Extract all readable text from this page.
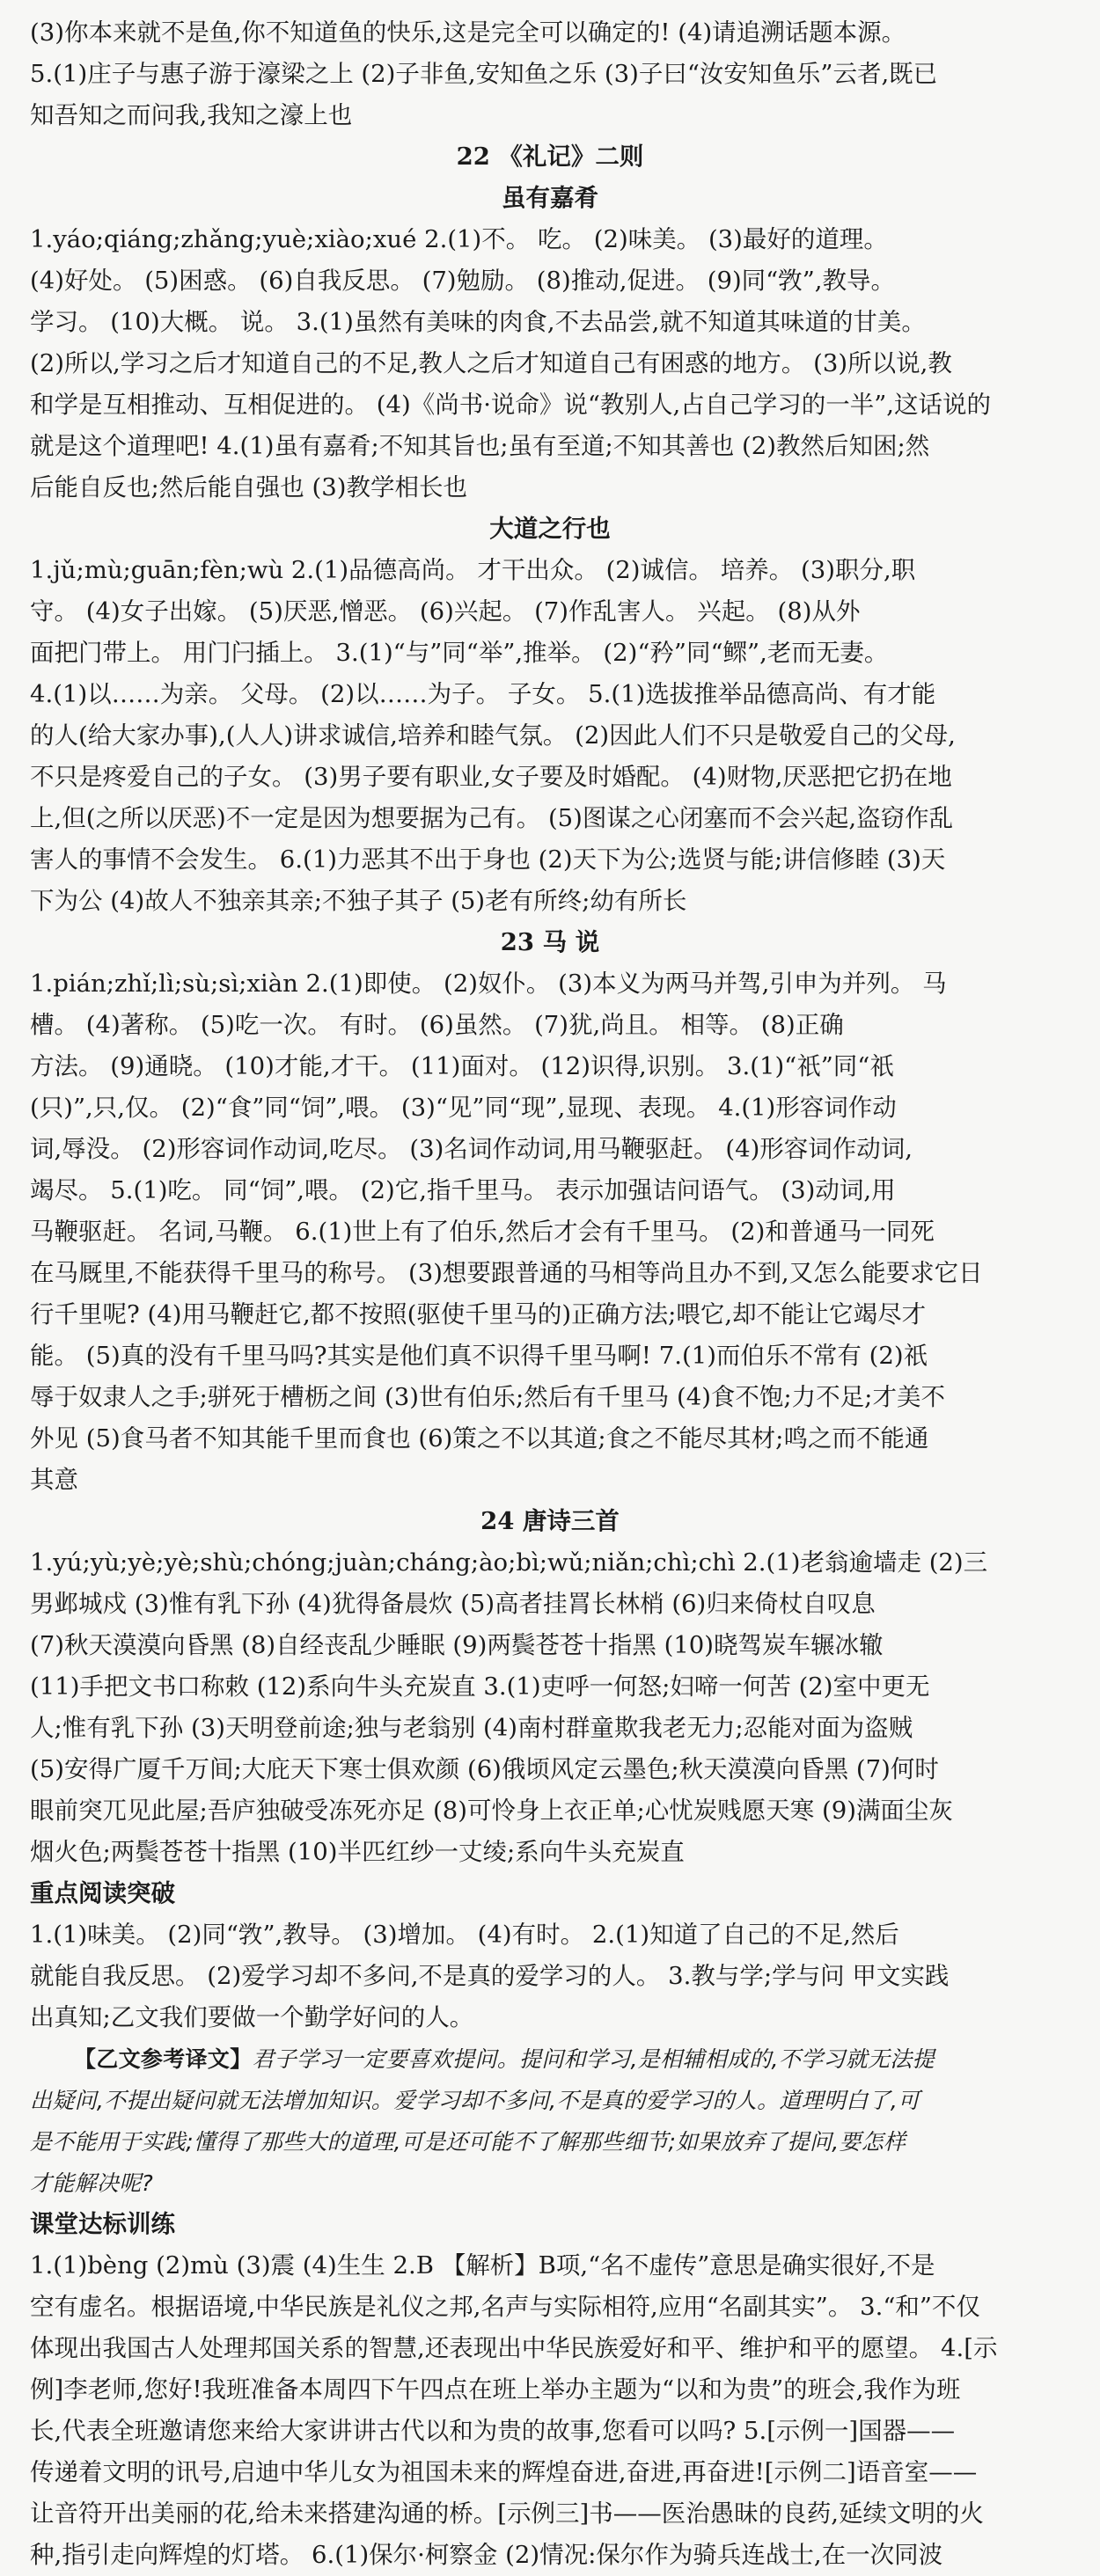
(3)你本来就不是鱼,你不知道鱼的快乐,这是完全可以确定的! (4)请追溯话题本源。

5.(1)庄子与惠子游于濠梁之上 (2)子非鱼,安知鱼之乐 (3)子曰“汝安知鱼乐”云者,既已

知吾知之而问我,我知之濠上也

22 《礼记》二则

虽有嘉肴

1.yáo;qiáng;zhǎng;yuè;xiào;xué 2.(1)不。 吃。 (2)味美。 (3)最好的道理。

(4)好处。 (5)困惑。 (6)自我反思。 (7)勉励。 (8)推动,促进。 (9)同“敩”,教导。

学习。 (10)大概。 说。 3.(1)虽然有美味的肉食,不去品尝,就不知道其味道的甘美。

(2)所以,学习之后才知道自己的不足,教人之后才知道自己有困惑的地方。 (3)所以说,教

和学是互相推动、互相促进的。 (4)《尚书·说命》说“教别人,占自己学习的一半”,这话说的

就是这个道理吧! 4.(1)虽有嘉肴;不知其旨也;虽有至道;不知其善也 (2)教然后知困;然

后能自反也;然后能自强也 (3)教学相长也

大道之行也

1.jǔ;mù;guān;fèn;wù 2.(1)品德高尚。 才干出众。 (2)诚信。 培养。 (3)职分,职

守。 (4)女子出嫁。 (5)厌恶,憎恶。 (6)兴起。 (7)作乱害人。 兴起。 (8)从外

面把门带上。 用门闩插上。 3.(1)“与”同“举”,推举。 (2)“矜”同“鳏”,老而无妻。

4.(1)以……为亲。 父母。 (2)以……为子。 子女。 5.(1)选拔推举品德高尚、有才能

的人(给大家办事),(人人)讲求诚信,培养和睦气氛。 (2)因此人们不只是敬爱自己的父母,

不只是疼爱自己的子女。 (3)男子要有职业,女子要及时婚配。 (4)财物,厌恶把它扔在地

上,但(之所以厌恶)不一定是因为想要据为己有。 (5)图谋之心闭塞而不会兴起,盗窃作乱

害人的事情不会发生。 6.(1)力恶其不出于身也 (2)天下为公;选贤与能;讲信修睦 (3)天

下为公 (4)故人不独亲其亲;不独子其子 (5)老有所终;幼有所长

23 马 说

1.pián;zhǐ;lì;sù;sì;xiàn 2.(1)即使。 (2)奴仆。 (3)本义为两马并驾,引申为并列。 马

槽。 (4)著称。 (5)吃一次。 有时。 (6)虽然。 (7)犹,尚且。 相等。 (8)正确

方法。 (9)通晓。 (10)才能,才干。 (11)面对。 (12)识得,识别。 3.(1)“祇”同“祇

(只)”,只,仅。 (2)“食”同“饲”,喂。 (3)“见”同“现”,显现、表现。 4.(1)形容词作动

词,辱没。 (2)形容词作动词,吃尽。 (3)名词作动词,用马鞭驱赶。 (4)形容词作动词,

竭尽。 5.(1)吃。 同“饲”,喂。 (2)它,指千里马。 表示加强诘问语气。 (3)动词,用

马鞭驱赶。 名词,马鞭。 6.(1)世上有了伯乐,然后才会有千里马。 (2)和普通马一同死

在马厩里,不能获得千里马的称号。 (3)想要跟普通的马相等尚且办不到,又怎么能要求它日

行千里呢? (4)用马鞭赶它,都不按照(驱使千里马的)正确方法;喂它,却不能让它竭尽才

能。 (5)真的没有千里马吗?其实是他们真不识得千里马啊! 7.(1)而伯乐不常有 (2)祇

辱于奴隶人之手;骈死于槽枥之间 (3)世有伯乐;然后有千里马 (4)食不饱;力不足;才美不

外见 (5)食马者不知其能千里而食也 (6)策之不以其道;食之不能尽其材;鸣之而不能通

其意

24 唐诗三首

1.yú;yù;yè;yè;shù;chóng;juàn;cháng;ào;bì;wǔ;niǎn;chì;chì 2.(1)老翁逾墙走 (2)三

男邺城戍 (3)惟有乳下孙 (4)犹得备晨炊 (5)高者挂罥长林梢 (6)归来倚杖自叹息

(7)秋天漠漠向昏黑 (8)自经丧乱少睡眠 (9)两鬓苍苍十指黑 (10)晓驾炭车辗冰辙

(11)手把文书口称敕 (12)系向牛头充炭直 3.(1)吏呼一何怒;妇啼一何苦 (2)室中更无

人;惟有乳下孙 (3)天明登前途;独与老翁别 (4)南村群童欺我老无力;忍能对面为盗贼

(5)安得广厦千万间;大庇天下寒士俱欢颜 (6)俄顷风定云墨色;秋天漠漠向昏黑 (7)何时

眼前突兀见此屋;吾庐独破受冻死亦足 (8)可怜身上衣正单;心忧炭贱愿天寒 (9)满面尘灰

烟火色;两鬓苍苍十指黑 (10)半匹红纱一丈绫;系向牛头充炭直

重点阅读突破

1.(1)味美。 (2)同“敩”,教导。 (3)增加。 (4)有时。 2.(1)知道了自己的不足,然后

就能自我反思。 (2)爱学习却不多问,不是真的爱学习的人。 3.教与学;学与问 甲文实践

出真知;乙文我们要做一个勤学好问的人。

【乙文参考译文】君子学习一定要喜欢提问。提问和学习,是相辅相成的,不学习就无法提

出疑问,不提出疑问就无法增加知识。爱学习却不多问,不是真的爱学习的人。道理明白了,可

是不能用于实践;懂得了那些大的道理,可是还可能不了解那些细节;如果放弃了提问,要怎样

才能解决呢?

课堂达标训练

1.(1)bèng (2)mù (3)震 (4)生生 2.B 【解析】B项,“名不虚传”意思是确实很好,不是

空有虚名。根据语境,中华民族是礼仪之邦,名声与实际相符,应用“名副其实”。 3.“和”不仅

体现出我国古人处理邦国关系的智慧,还表现出中华民族爱好和平、维护和平的愿望。 4.[示

例]李老师,您好!我班准备本周四下午四点在班上举办主题为“以和为贵”的班会,我作为班

长,代表全班邀请您来给大家讲讲古代以和为贵的故事,您看可以吗? 5.[示例一]国器——

传递着文明的讯号,启迪中华儿女为祖国未来的辉煌奋进,奋进,再奋进![示例二]语音室——

让音符开出美丽的花,给未来搭建沟通的桥。[示例三]书——医治愚昧的良药,延续文明的火

种,指引走向辉煌的灯塔。 6.(1)保尔·柯察金 (2)情况:保尔作为骑兵连战士,在一次同波
